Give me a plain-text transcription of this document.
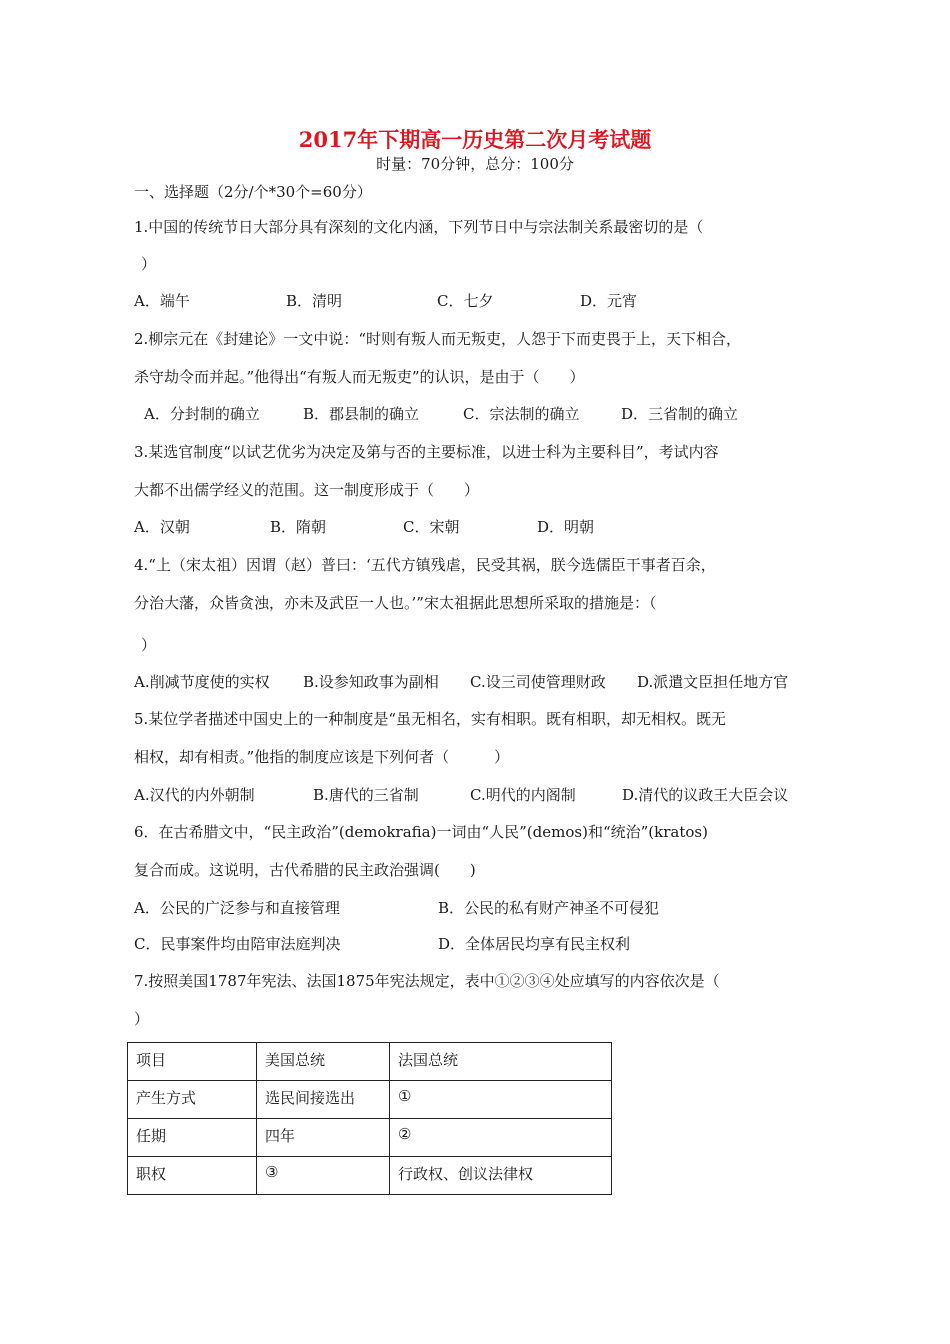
2017年下期高一历史第二次月考试题
时量：70分钟，总分：100分
一、选择题（2分/个*30个=60分）
1.中国的传统节日大部分具有深刻的文化内涵，下列节日中与宗法制关系最密切的是（
）
A．端午	B．清明	C．七夕	D．元宵
2.柳宗元在《封建论》一文中说：“时则有叛人而无叛吏，人怨于下而吏畏于上，天下相合，
杀守劫令而并起。”他得出“有叛人而无叛吏”的认识，是由于（　　）
A．分封制的确立	B．郡县制的确立	C．宗法制的确立	D．三省制的确立
3.某选官制度“以试艺优劣为决定及第与否的主要标准，以进士科为主要科目”，考试内容
大都不出儒学经义的范围。这一制度形成于（　　）
A．汉朝	B．隋朝	C．宋朝	D．明朝
4.“上（宋太祖）因谓（赵）普曰：‘五代方镇残虐，民受其祸，朕今选儒臣干事者百余，
分治大藩，众皆贪浊，亦未及武臣一人也。’”宋太祖据此思想所采取的措施是：（
）
A.削减节度使的实权 B.设参知政事为副相 C.设三司使管理财政 D.派遣文臣担任地方官
5.某位学者描述中国史上的一种制度是“虽无相名，实有相职。既有相职，却无相权。既无
相权，却有相责。”他指的制度应该是下列何者（　　　）
A.汉代的内外朝制	B.唐代的三省制	C.明代的内阁制	D.清代的议政王大臣会议
6．在古希腊文中，“民主政治”(demokrafia)一词由“人民”(demos)和“统治”(kratos)
复合而成。这说明，古代希腊的民主政治强调(　　)
A．公民的广泛参与和直接管理	B．公民的私有财产神圣不可侵犯
C．民事案件均由陪审法庭判决	D．全体居民均享有民主权利
7.按照美国1787年宪法、法国1875年宪法规定，表中①②③④处应填写的内容依次是（
）
项目	美国总统	法国总统
产生方式	选民间接选出	①
任期	四年	②
职权	③	行政权、创议法律权
